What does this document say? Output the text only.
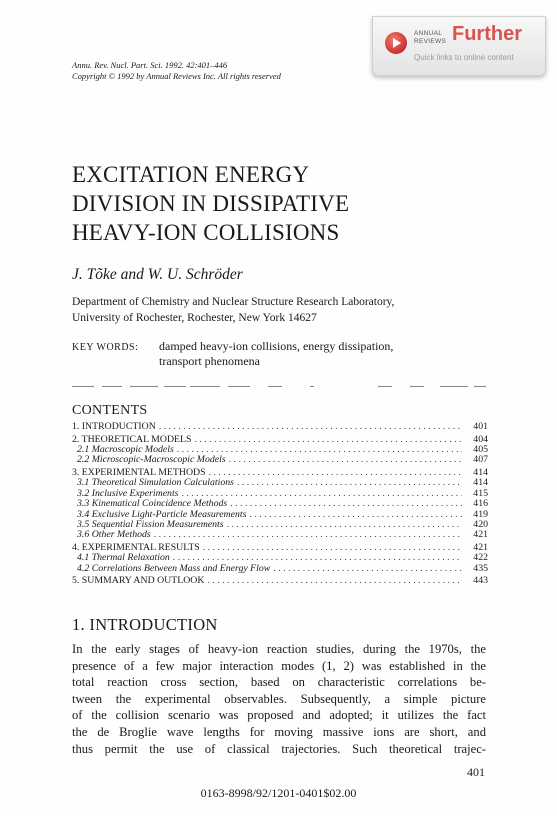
ANNUAL
REVIEWS Further
Quick links to online content
Annu. Rev. Nucl. Part. Sci. 1992. 42:401–446
Copyright © 1992 by Annual Reviews Inc. All rights reserved
EXCITATION ENERGY
DIVISION IN DISSIPATIVE
HEAVY-ION COLLISIONS
J. Tõke and W. U. Schröder
Department of Chemistry and Nuclear Structure Research Laboratory,
University of Rochester, Rochester, New York 14627
KEY WORDS: damped heavy-ion collisions, energy dissipation,
transport phenomena
CONTENTS
1. INTRODUCTION . . .	401
2. THEORETICAL MODELS . . .	404
2.1 Macroscopic Models . . .	405
2.2 Microscopic-Macroscopic Models . . .	407
3. EXPERIMENTAL METHODS . . .	414
3.1 Theoretical Simulation Calculations . . .	414
3.2 Inclusive Experiments . . .	415
3.3 Kinematical Coincidence Methods . . .	416
3.4 Exclusive Light-Particle Measurements . . .	419
3.5 Sequential Fission Measurements . . .	420
3.6 Other Methods . . .	421
4. EXPERIMENTAL RESULTS . . .	421
4.1 Thermal Relaxation . . .	422
4.2 Correlations Between Mass and Energy Flow . . .	435
5. SUMMARY AND OUTLOOK . . .	443
1. INTRODUCTION
In the early stages of heavy-ion reaction studies, during the 1970s, the
presence of a few major interaction modes (1, 2) was established in the
total reaction cross section, based on characteristic correlations be-
tween the experimental observables. Subsequently, a simple picture
of the collision scenario was proposed and adopted; it utilizes the fact
the de Broglie wave lengths for moving massive ions are short, and
thus permit the use of classical trajectories. Such theoretical trajec-
401
0163-8998/92/1201-0401$02.00
